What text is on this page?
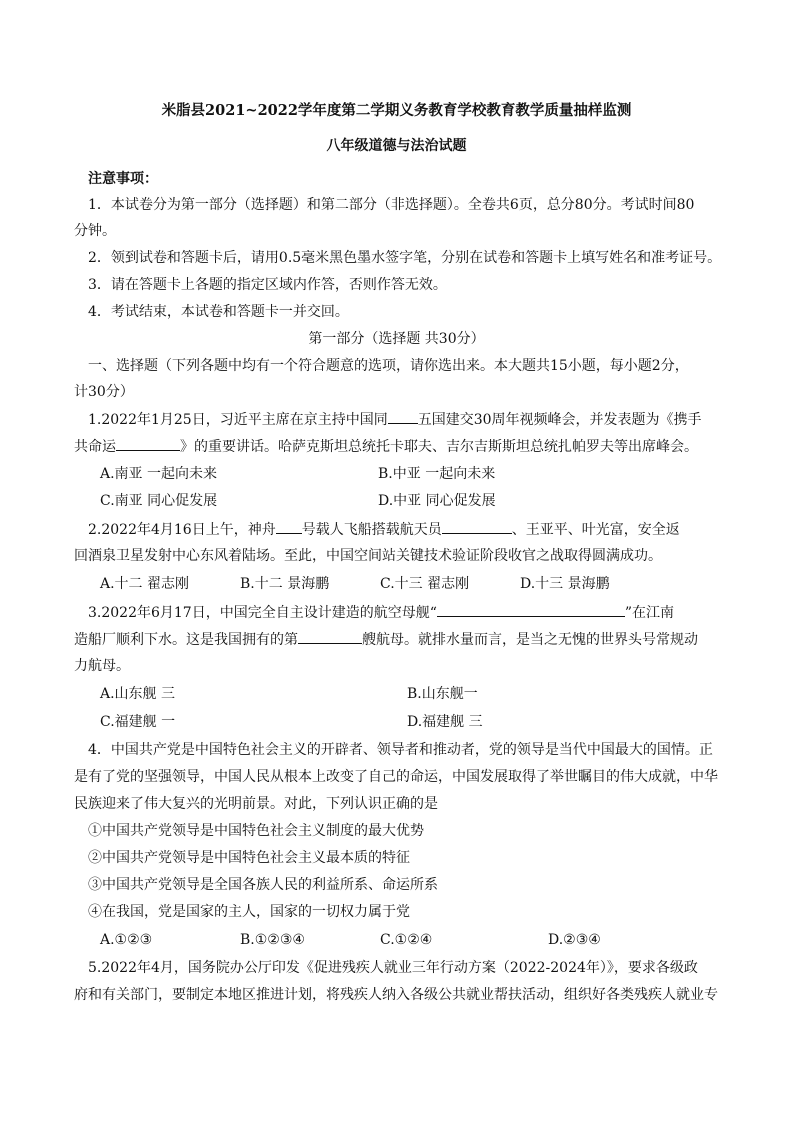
米脂县2021~2022学年度第二学期义务教育学校教育教学质量抽样监测
八年级道德与法治试题
注意事项：
1．本试卷分为第一部分（选择题）和第二部分（非选择题）。全卷共6页，总分80分。考试时间80
分钟。
2．领到试卷和答题卡后，请用0.5毫米黑色墨水签字笔，分别在试卷和答题卡上填写姓名和准考证号。
3．请在答题卡上各题的指定区域内作答，否则作答无效。
4．考试结束，本试卷和答题卡一并交回。
第一部分（选择题 共30分）
一、选择题（下列各题中均有一个符合题意的选项，请你选出来。本大题共15小题，每小题2分，
计30分）
1.2022年1月25日，习近平主席在京主持中国同 五国建交30周年视频峰会，并发表题为《携手
共命运	》的重要讲话。哈萨克斯坦总统托卡耶夫、吉尔吉斯斯坦总统扎帕罗夫等出席峰会。
A.南亚 一起向未来	B.中亚 一起向未来
C.南亚 同心促发展	D.中亚 同心促发展
2.2022年4月16日上午，神舟 号载人飞船搭载航天员	、王亚平、叶光富，安全返
回酒泉卫星发射中心东风着陆场。至此，中国空间站关键技术验证阶段收官之战取得圆满成功。
A.十二 翟志刚	B.十二 景海鹏	C.十三 翟志刚	D.十三 景海鹏
3.2022年6月17日，中国完全自主设计建造的航空母舰“	”在江南
造船厂顺利下水。这是我国拥有的第	艘航母。就排水量而言，是当之无愧的世界头号常规动
力航母。
A.山东舰 三	B.山东舰一
C.福建舰 一	D.福建舰 三
4．中国共产党是中国特色社会主义的开辟者、领导者和推动者，党的领导是当代中国最大的国情。正
是有了党的坚强领导，中国人民从根本上改变了自己的命运，中国发展取得了举世瞩目的伟大成就，中华
民族迎来了伟大复兴的光明前景。对此，下列认识正确的是
①中国共产党领导是中国特色社会主义制度的最大优势
②中国共产党领导是中国特色社会主义最本质的特征
③中国共产党领导是全国各族人民的利益所系、命运所系
④在我国，党是国家的主人，国家的一切权力属于党
A.①②③	B.①②③④	C.①②④	D.②③④
5.2022年4月，国务院办公厅印发《促进残疾人就业三年行动方案（2022-2024年）》，要求各级政
府和有关部门，要制定本地区推进计划，将残疾人纳入各级公共就业帮扶活动，组织好各类残疾人就业专
